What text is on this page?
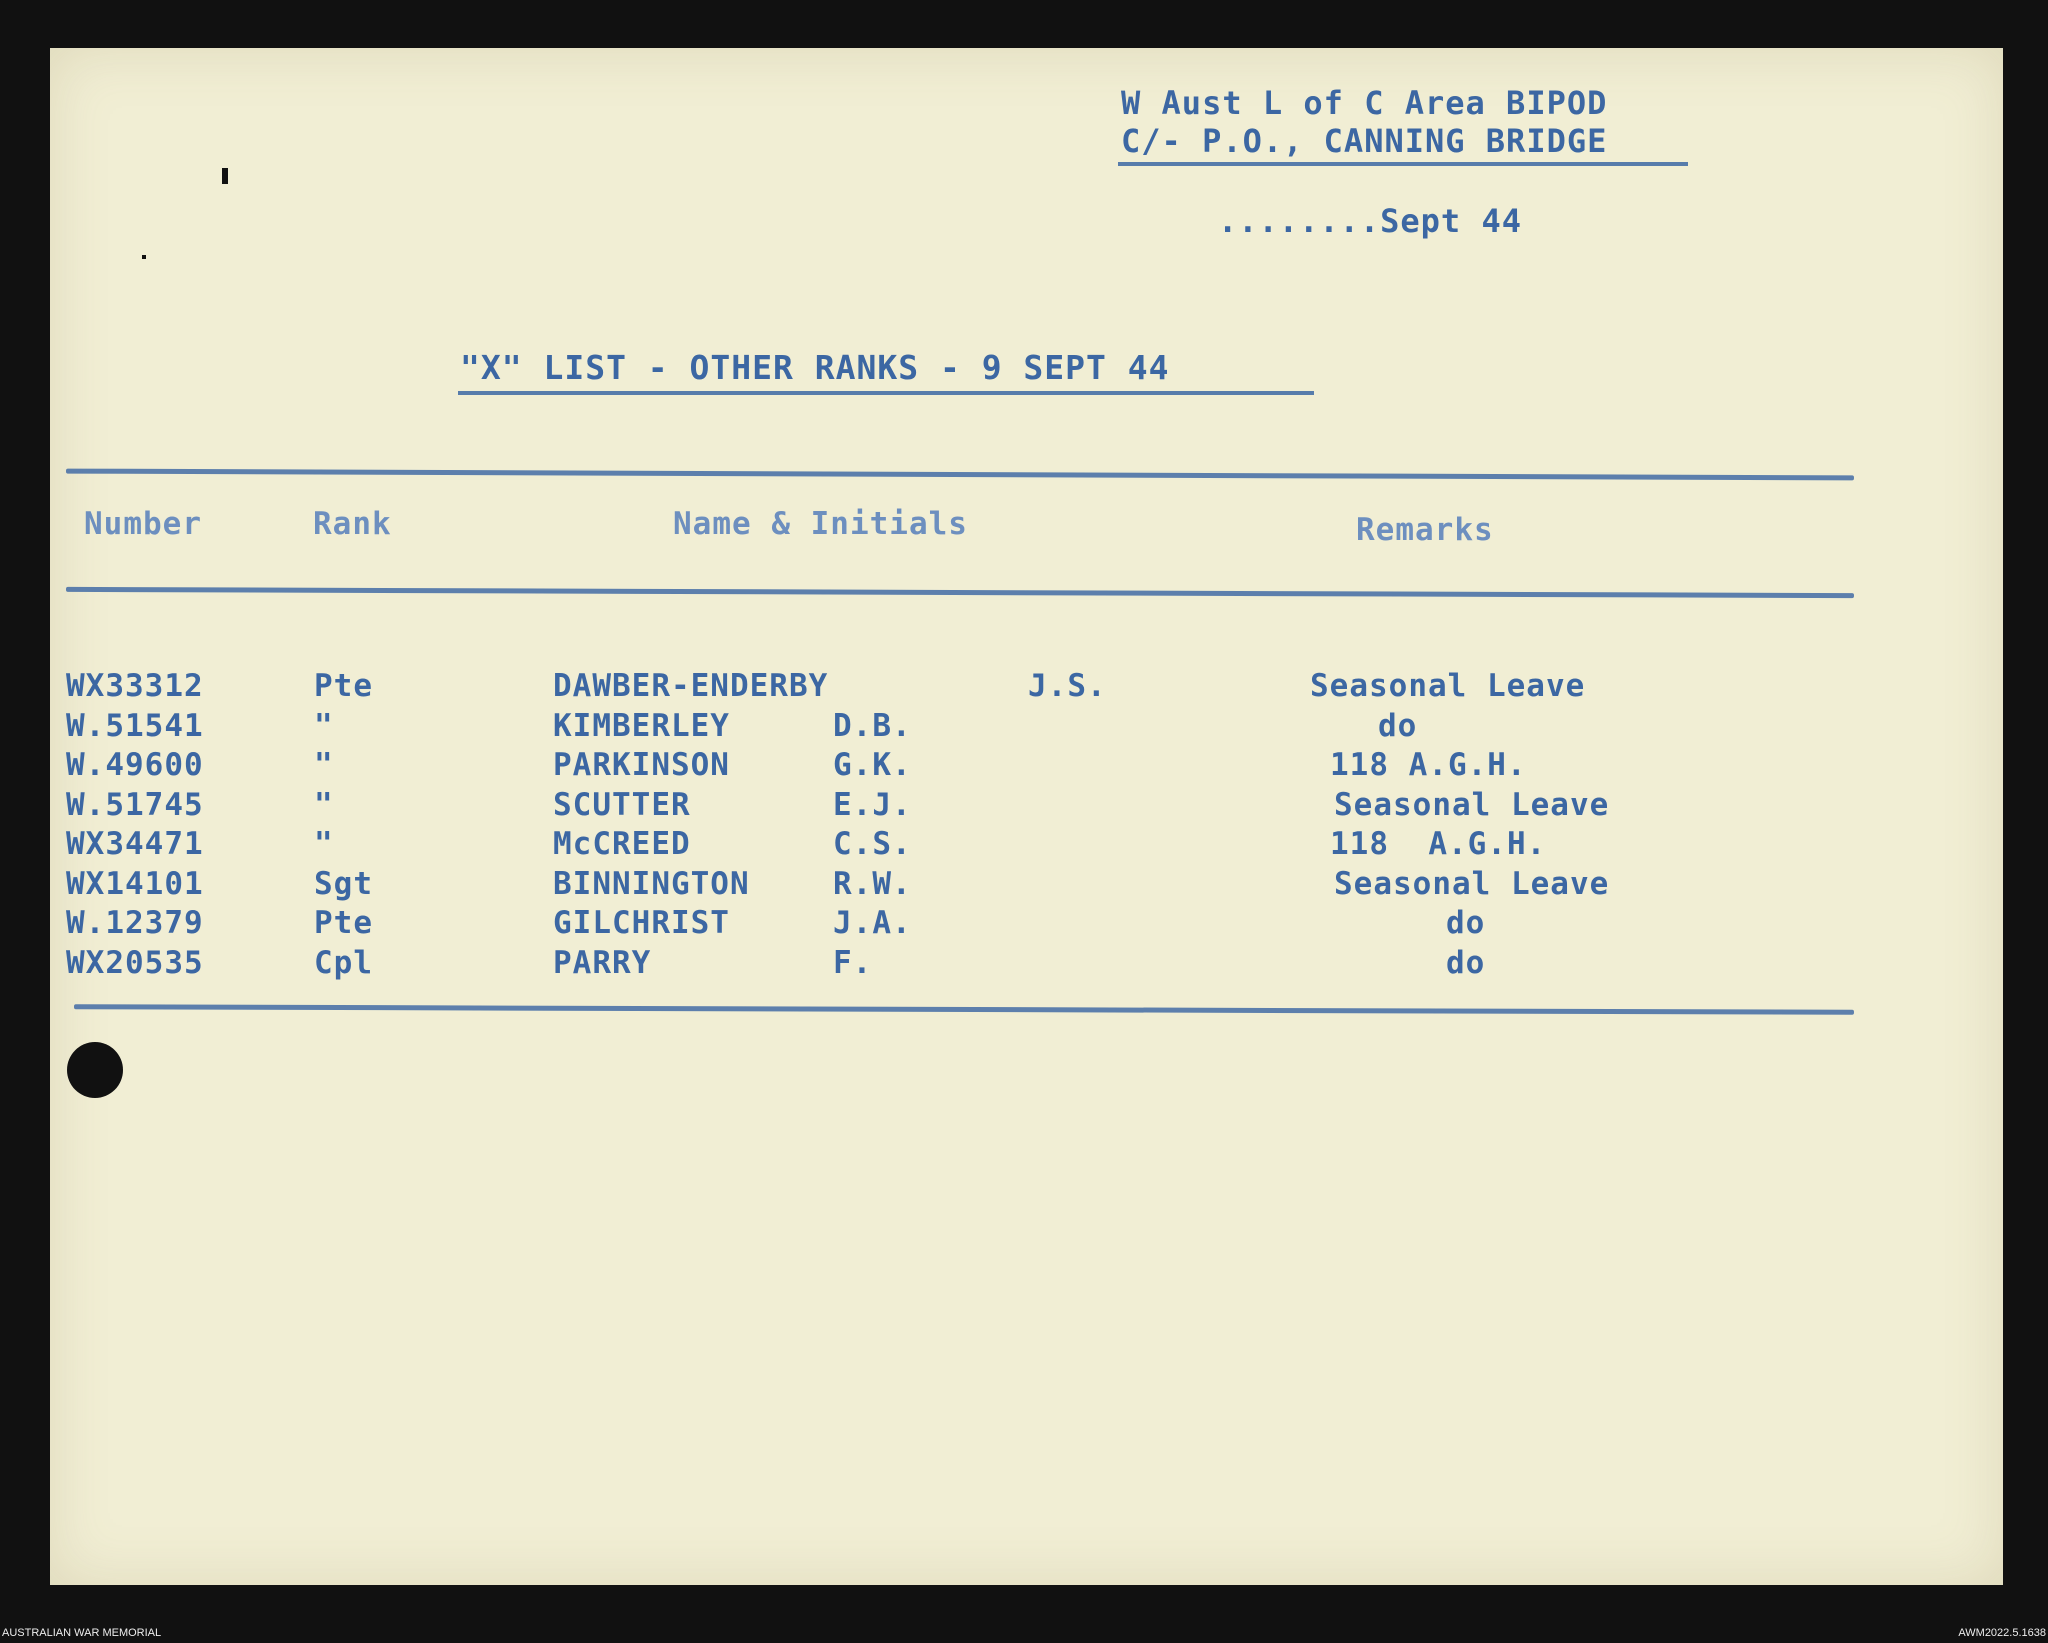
W Aust L of C Area BIPOD
C/- P.O., CANNING BRIDGE
........Sept 44
"X" LIST - OTHER RANKS - 9 SEPT 44
Number	Rank	Name & Initials	Remarks
WX33312	Pte	DAWBER-ENDERBY	J.S.	Seasonal Leave
W.51541	"	KIMBERLEY	D.B.	do
W.49600	"	PARKINSON	G.K.	118 A.G.H.
W.51745	"	SCUTTER	E.J.	Seasonal Leave
WX34471	"	McCREED	C.S.	118  A.G.H.
WX14101	Sgt	BINNINGTON	R.W.	Seasonal Leave
W.12379	Pte	GILCHRIST	J.A.	do
WX20535	Cpl	PARRY	F.	do
AUSTRALIAN WAR MEMORIAL	AWM2022.5.1638
